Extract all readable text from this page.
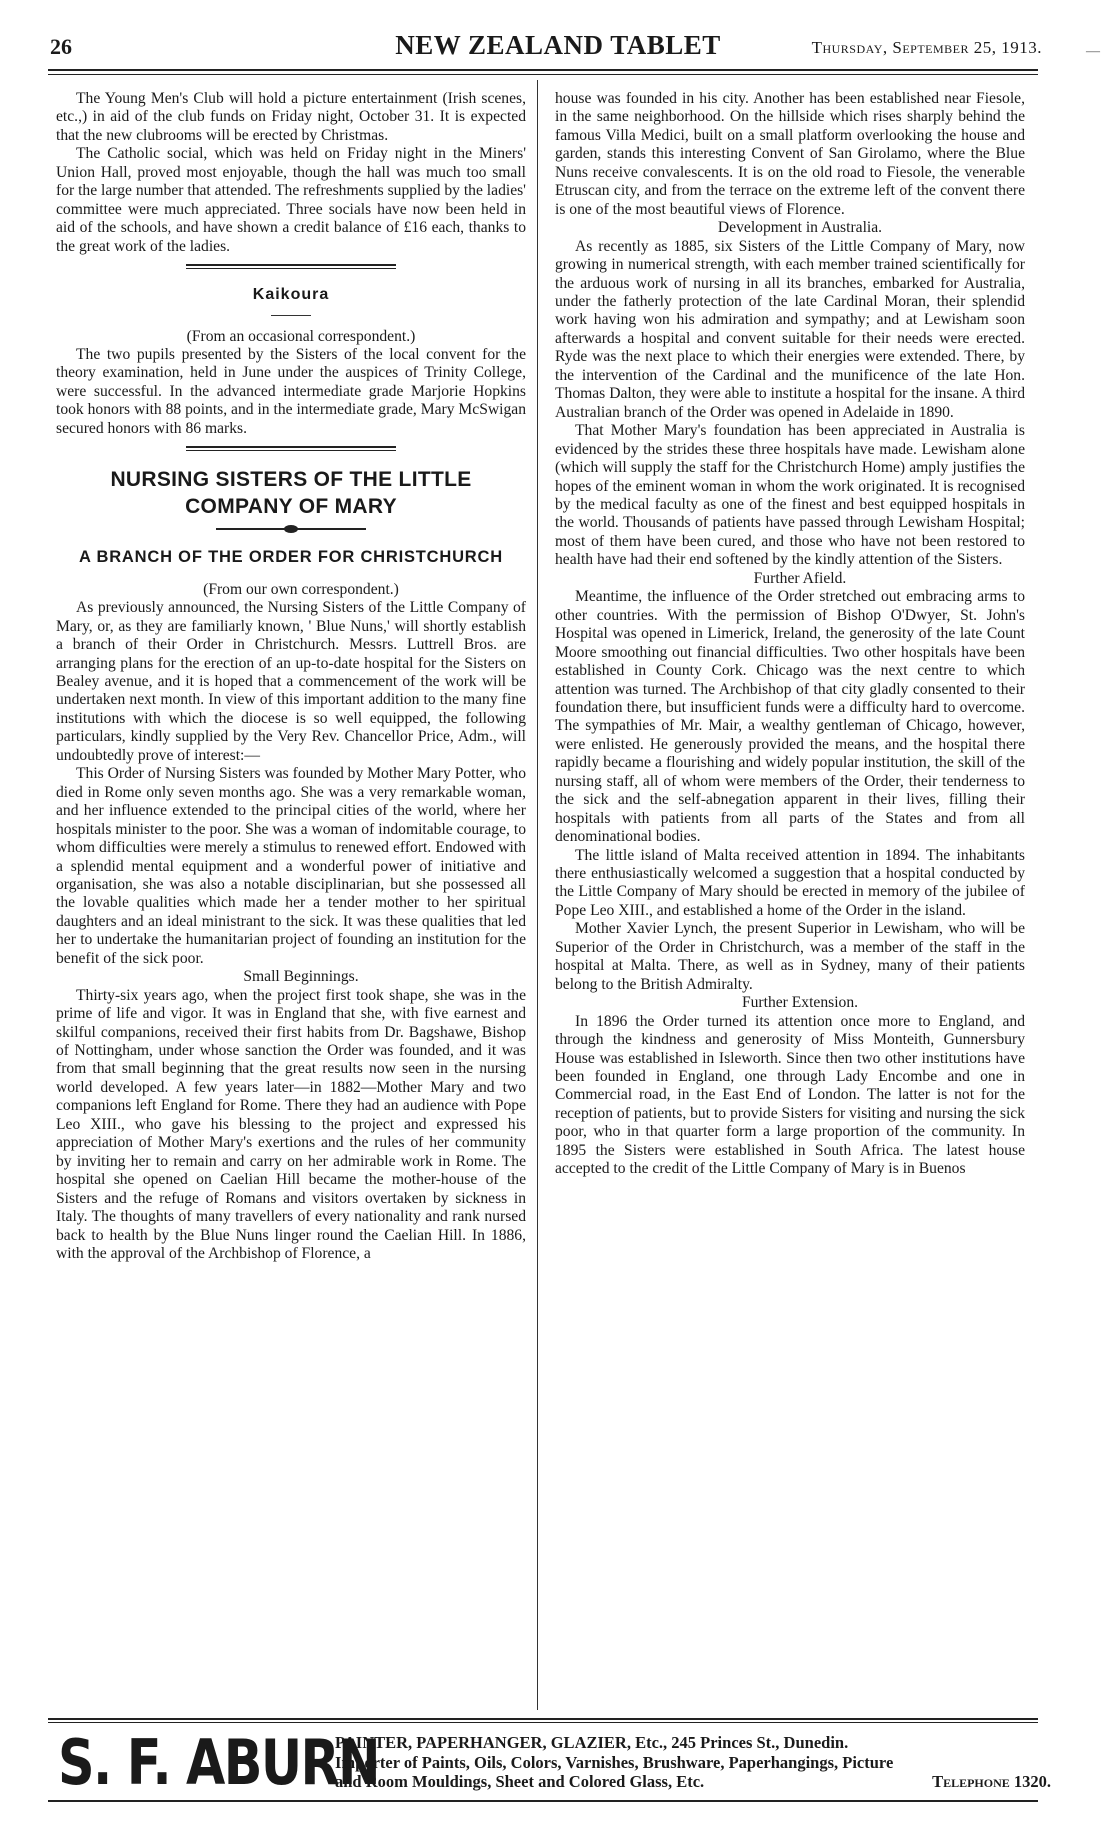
26	NEW ZEALAND TABLET	Thursday, September 25, 1913.	—

The Young Men's Club will hold a picture entertainment (Irish scenes, etc.,) in aid of the club funds on Friday night, October 31. It is expected that the new clubrooms will be erected by Christmas.

The Catholic social, which was held on Friday night in the Miners' Union Hall, proved most enjoyable, though the hall was much too small for the large number that attended. The refreshments supplied by the ladies' committee were much appreciated. Three socials have now been held in aid of the schools, and have shown a credit balance of £16 each, thanks to the great work of the ladies.

Kaikoura

(From an occasional correspondent.)

The two pupils presented by the Sisters of the local convent for the theory examination, held in June under the auspices of Trinity College, were successful. In the advanced intermediate grade Marjorie Hopkins took honors with 88 points, and in the intermediate grade, Mary McSwigan secured honors with 86 marks.

NURSING SISTERS OF THE LITTLE COMPANY OF MARY
A BRANCH OF THE ORDER FOR CHRISTCHURCH

(From our own correspondent.)

As previously announced, the Nursing Sisters of the Little Company of Mary, or, as they are familiarly known, ' Blue Nuns,' will shortly establish a branch of their Order in Christchurch. Messrs. Luttrell Bros. are arranging plans for the erection of an up-to-date hospital for the Sisters on Bealey avenue, and it is hoped that a commencement of the work will be undertaken next month. In view of this important addition to the many fine institutions with which the diocese is so well equipped, the following particulars, kindly supplied by the Very Rev. Chancellor Price, Adm., will undoubtedly prove of interest:—

This Order of Nursing Sisters was founded by Mother Mary Potter, who died in Rome only seven months ago. She was a very remarkable woman, and her influence extended to the principal cities of the world, where her hospitals minister to the poor. She was a woman of indomitable courage, to whom difficulties were merely a stimulus to renewed effort. Endowed with a splendid mental equipment and a wonderful power of initiative and organisation, she was also a notable disciplinarian, but she possessed all the lovable qualities which made her a tender mother to her spiritual daughters and an ideal ministrant to the sick. It was these qualities that led her to undertake the humanitarian project of founding an institution for the benefit of the sick poor.

Small Beginnings.

Thirty-six years ago, when the project first took shape, she was in the prime of life and vigor. It was in England that she, with five earnest and skilful companions, received their first habits from Dr. Bagshawe, Bishop of Nottingham, under whose sanction the Order was founded, and it was from that small beginning that the great results now seen in the nursing world developed. A few years later—in 1882—Mother Mary and two companions left England for Rome. There they had an audience with Pope Leo XIII., who gave his blessing to the project and expressed his appreciation of Mother Mary's exertions and the rules of her community by inviting her to remain and carry on her admirable work in Rome. The hospital she opened on Caelian Hill became the mother-house of the Sisters and the refuge of Romans and visitors overtaken by sickness in Italy. The thoughts of many travellers of every nationality and rank nursed back to health by the Blue Nuns linger round the Caelian Hill. In 1886, with the approval of the Archbishop of Florence, a

house was founded in his city. Another has been established near Fiesole, in the same neighborhood. On the hillside which rises sharply behind the famous Villa Medici, built on a small platform overlooking the house and garden, stands this interesting Convent of San Girolamo, where the Blue Nuns receive convalescents. It is on the old road to Fiesole, the venerable Etruscan city, and from the terrace on the extreme left of the convent there is one of the most beautiful views of Florence.

Development in Australia.

As recently as 1885, six Sisters of the Little Company of Mary, now growing in numerical strength, with each member trained scientifically for the arduous work of nursing in all its branches, embarked for Australia, under the fatherly protection of the late Cardinal Moran, their splendid work having won his admiration and sympathy; and at Lewisham soon afterwards a hospital and convent suitable for their needs were erected. Ryde was the next place to which their energies were extended. There, by the intervention of the Cardinal and the munificence of the late Hon. Thomas Dalton, they were able to institute a hospital for the insane. A third Australian branch of the Order was opened in Adelaide in 1890.

That Mother Mary's foundation has been appreciated in Australia is evidenced by the strides these three hospitals have made. Lewisham alone (which will supply the staff for the Christchurch Home) amply justifies the hopes of the eminent woman in whom the work originated. It is recognised by the medical faculty as one of the finest and best equipped hospitals in the world. Thousands of patients have passed through Lewisham Hospital; most of them have been cured, and those who have not been restored to health have had their end softened by the kindly attention of the Sisters.

Further Afield.

Meantime, the influence of the Order stretched out embracing arms to other countries. With the permission of Bishop O'Dwyer, St. John's Hospital was opened in Limerick, Ireland, the generosity of the late Count Moore smoothing out financial difficulties. Two other hospitals have been established in County Cork. Chicago was the next centre to which attention was turned. The Archbishop of that city gladly consented to their foundation there, but insufficient funds were a difficulty hard to overcome. The sympathies of Mr. Mair, a wealthy gentleman of Chicago, however, were enlisted. He generously provided the means, and the hospital there rapidly became a flourishing and widely popular institution, the skill of the nursing staff, all of whom were members of the Order, their tenderness to the sick and the self-abnegation apparent in their lives, filling their hospitals with patients from all parts of the States and from all denominational bodies.

The little island of Malta received attention in 1894. The inhabitants there enthusiastically welcomed a suggestion that a hospital conducted by the Little Company of Mary should be erected in memory of the jubilee of Pope Leo XIII., and established a home of the Order in the island.

Mother Xavier Lynch, the present Superior in Lewisham, who will be Superior of the Order in Christchurch, was a member of the staff in the hospital at Malta. There, as well as in Sydney, many of their patients belong to the British Admiralty.

Further Extension.

In 1896 the Order turned its attention once more to England, and through the kindness and generosity of Miss Monteith, Gunnersbury House was established in Isleworth. Since then two other institutions have been founded in England, one through Lady Encombe and one in Commercial road, in the East End of London. The latter is not for the reception of patients, but to provide Sisters for visiting and nursing the sick poor, who in that quarter form a large proportion of the community. In 1895 the Sisters were established in South Africa. The latest house accepted to the credit of the Little Company of Mary is in Buenos

S. F. ABURN
PAINTER, PAPERHANGER, GLAZIER, Etc., 245 Princes St., Dunedin.
Importer of Paints, Oils, Colors, Varnishes, Brushware, Paperhangings, Picture
and Room Mouldings, Sheet and Colored Glass, Etc.	Telephone 1320.
